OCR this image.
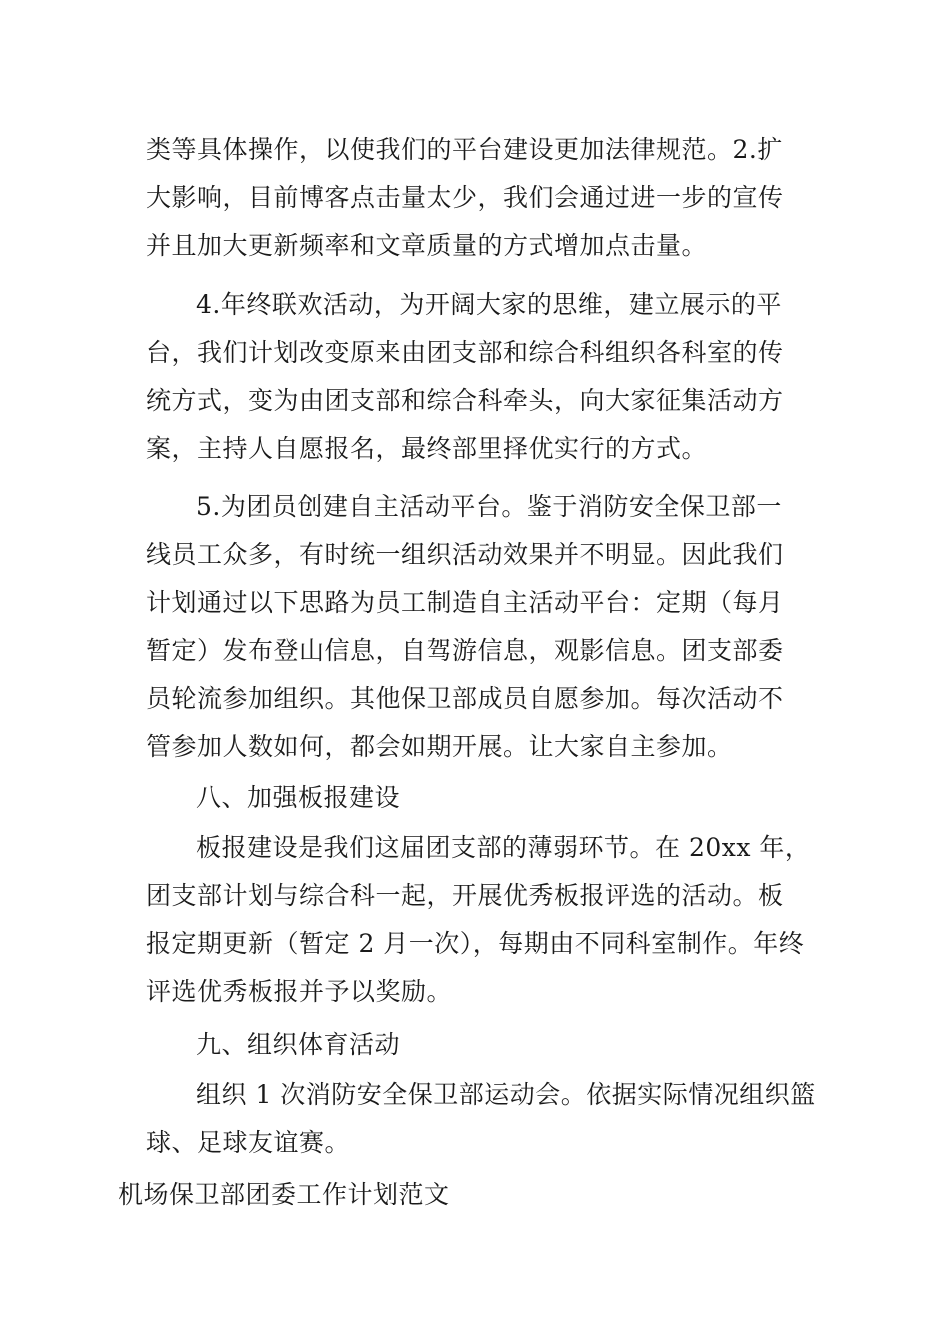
类等具体操作，以使我们的平台建设更加法律规范。2.扩
大影响，目前博客点击量太少，我们会通过进一步的宣传
并且加大更新频率和文章质量的方式增加点击量。
4.年终联欢活动，为开阔大家的思维，建立展示的平
台，我们计划改变原来由团支部和综合科组织各科室的传
统方式，变为由团支部和综合科牵头，向大家征集活动方
案，主持人自愿报名，最终部里择优实行的方式。
5.为团员创建自主活动平台。鉴于消防安全保卫部一
线员工众多，有时统一组织活动效果并不明显。因此我们
计划通过以下思路为员工制造自主活动平台：定期（每月
暂定）发布登山信息，自驾游信息，观影信息。团支部委
员轮流参加组织。其他保卫部成员自愿参加。每次活动不
管参加人数如何，都会如期开展。让大家自主参加。
八、加强板报建设
板报建设是我们这届团支部的薄弱环节。在 20xx 年，
团支部计划与综合科一起，开展优秀板报评选的活动。板
报定期更新（暂定 2 月一次），每期由不同科室制作。年终
评选优秀板报并予以奖励。
九、组织体育活动
组织 1 次消防安全保卫部运动会。依据实际情况组织篮
球、足球友谊赛。
机场保卫部团委工作计划范文
